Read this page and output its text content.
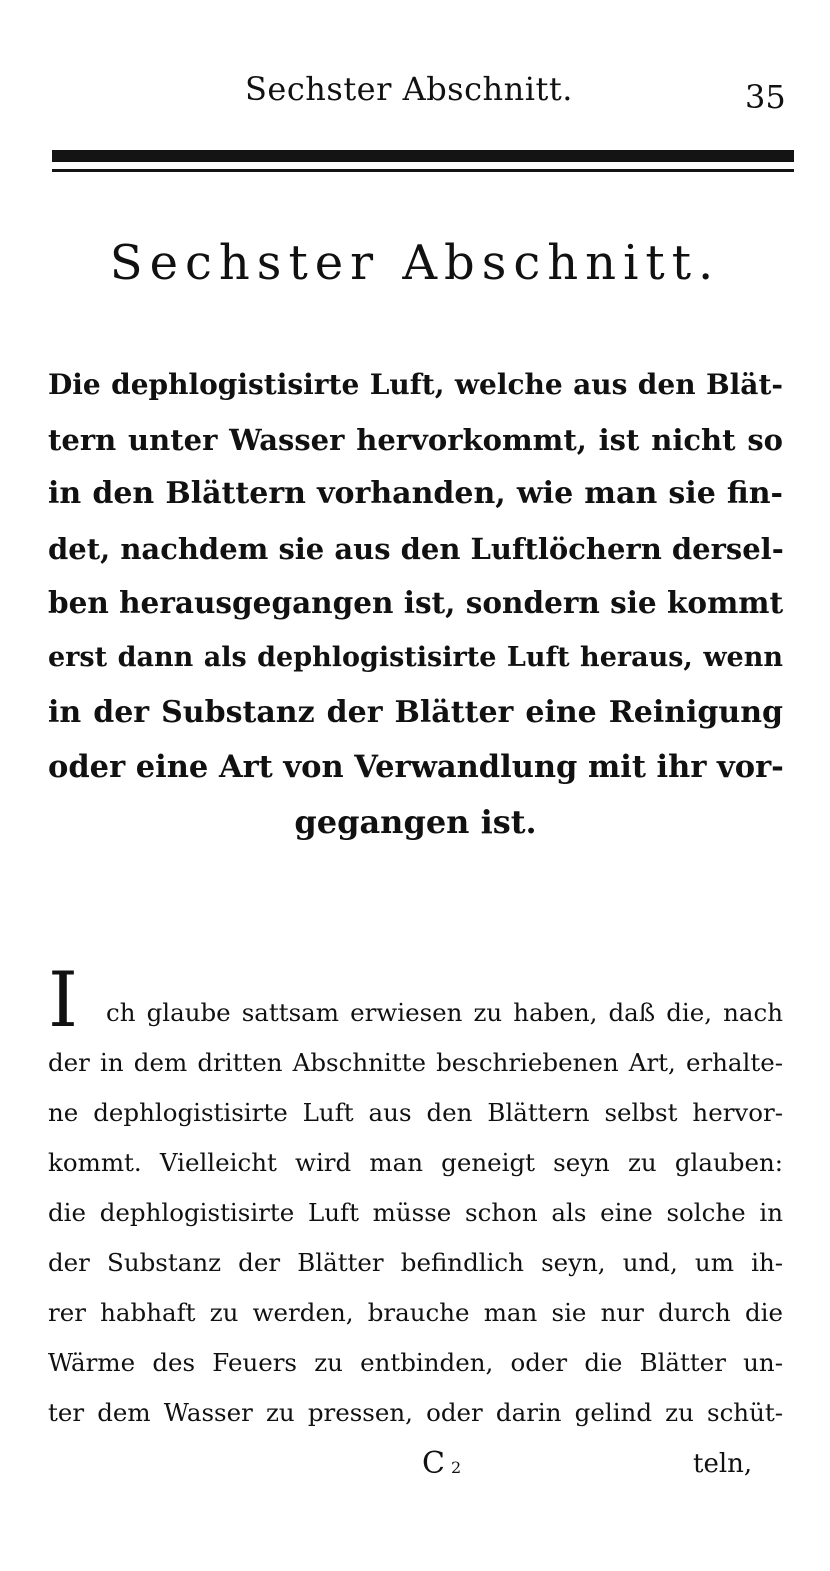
Sechster Abschnitt.	35
Sechster Abschnitt.
Die dephlogistisirte Luft, welche aus den Blät-
tern unter Wasser hervorkommt, ist nicht so
in den Blättern vorhanden, wie man sie fin-
det, nachdem sie aus den Luftlöchern dersel-
ben herausgegangen ist, sondern sie kommt
erst dann als dephlogistisirte Luft heraus, wenn
in der Substanz der Blätter eine Reinigung
oder eine Art von Verwandlung mit ihr vor-
gegangen ist.
I	ch glaube sattsam erwiesen zu haben, daß die, nach
der in dem dritten Abschnitte beschriebenen Art, erhalte-
ne dephlogistisirte Luft aus den Blättern selbst hervor-
kommt. Vielleicht wird man geneigt seyn zu glauben:
die dephlogistisirte Luft müsse schon als eine solche in
der Substanz der Blätter befindlich seyn, und, um ih-
rer habhaft zu werden, brauche man sie nur durch die
Wärme des Feuers zu entbinden, oder die Blätter un-
ter dem Wasser zu pressen, oder darin gelind zu schüt-
C 2	teln,
